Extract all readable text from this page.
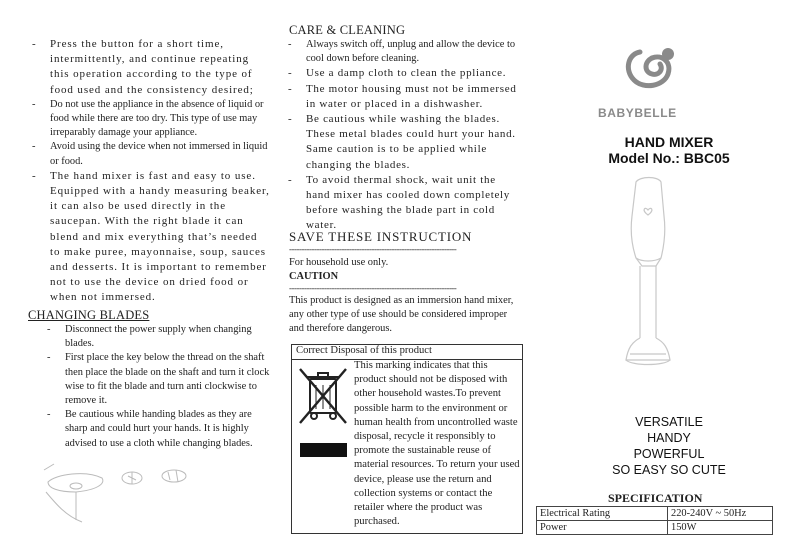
- Press the button for a short time, intermittently, and continue repeating this operation according to the type of food used and the consistency desired;
- Do not use the appliance in the absence of liquid or food while there are too dry. This type of use may irreparably damage your appliance.
- Avoid using the device when not immersed in liquid or food.
- The hand mixer is fast and easy to use. Equipped with a handy measuring beaker, it can also be used directly in the saucepan. With the right blade it can blend and mix everything that’s needed to make puree, mayonnaise, soup, sauces and desserts. It is important to remember not to use the device on dried food or when not immersed.
CHANGING BLADES
- Disconnect the power supply when changing blades.
- First place the key below the thread on the shaft then place the blade on the shaft and turn it clock wise to fit the blade and turn anti clockwise to remove it.
- Be cautious while handing blades as they are sharp and could hurt your hands. It is highly advised to use a cloth while changing blades.
CARE & CLEANING
- Always switch off, unplug and allow the device to cool down before cleaning.
- Use a damp cloth to clean the ppliance.
- The motor housing must not be immersed in water or placed in a dishwasher.
- Be cautious while washing the blades. These metal blades could hurt your hand. Same caution is to be applied while changing the blades.
- To avoid thermal shock, wait unit the hand mixer has cooled down completely before washing the blade part in cold water.
SAVE THESE INSTRUCTION
-------------------------------------------------------------------
For household use only.
CAUTION
-------------------------------------------------------------------
This product is designed as an immersion hand mixer, any other type of use should be considered improper and therefore dangerous.
Correct Disposal of this product
This marking indicates that this product should not be disposed with other household wastes.To prevent possible harm to the environment or human health from uncontrolled waste disposal, recycle it responsibly to promote the sustainable reuse of material resources. To return your used device, please use the return and collection systems or contact the retailer where the product was purchased.
BABYBELLE
HAND MIXER
Model No.: BBC05
VERSATILE
HANDY
POWERFUL
SO EASY SO CUTE
SPECIFICATION
Electrical Rating	220-240V ~ 50Hz
Power	150W
